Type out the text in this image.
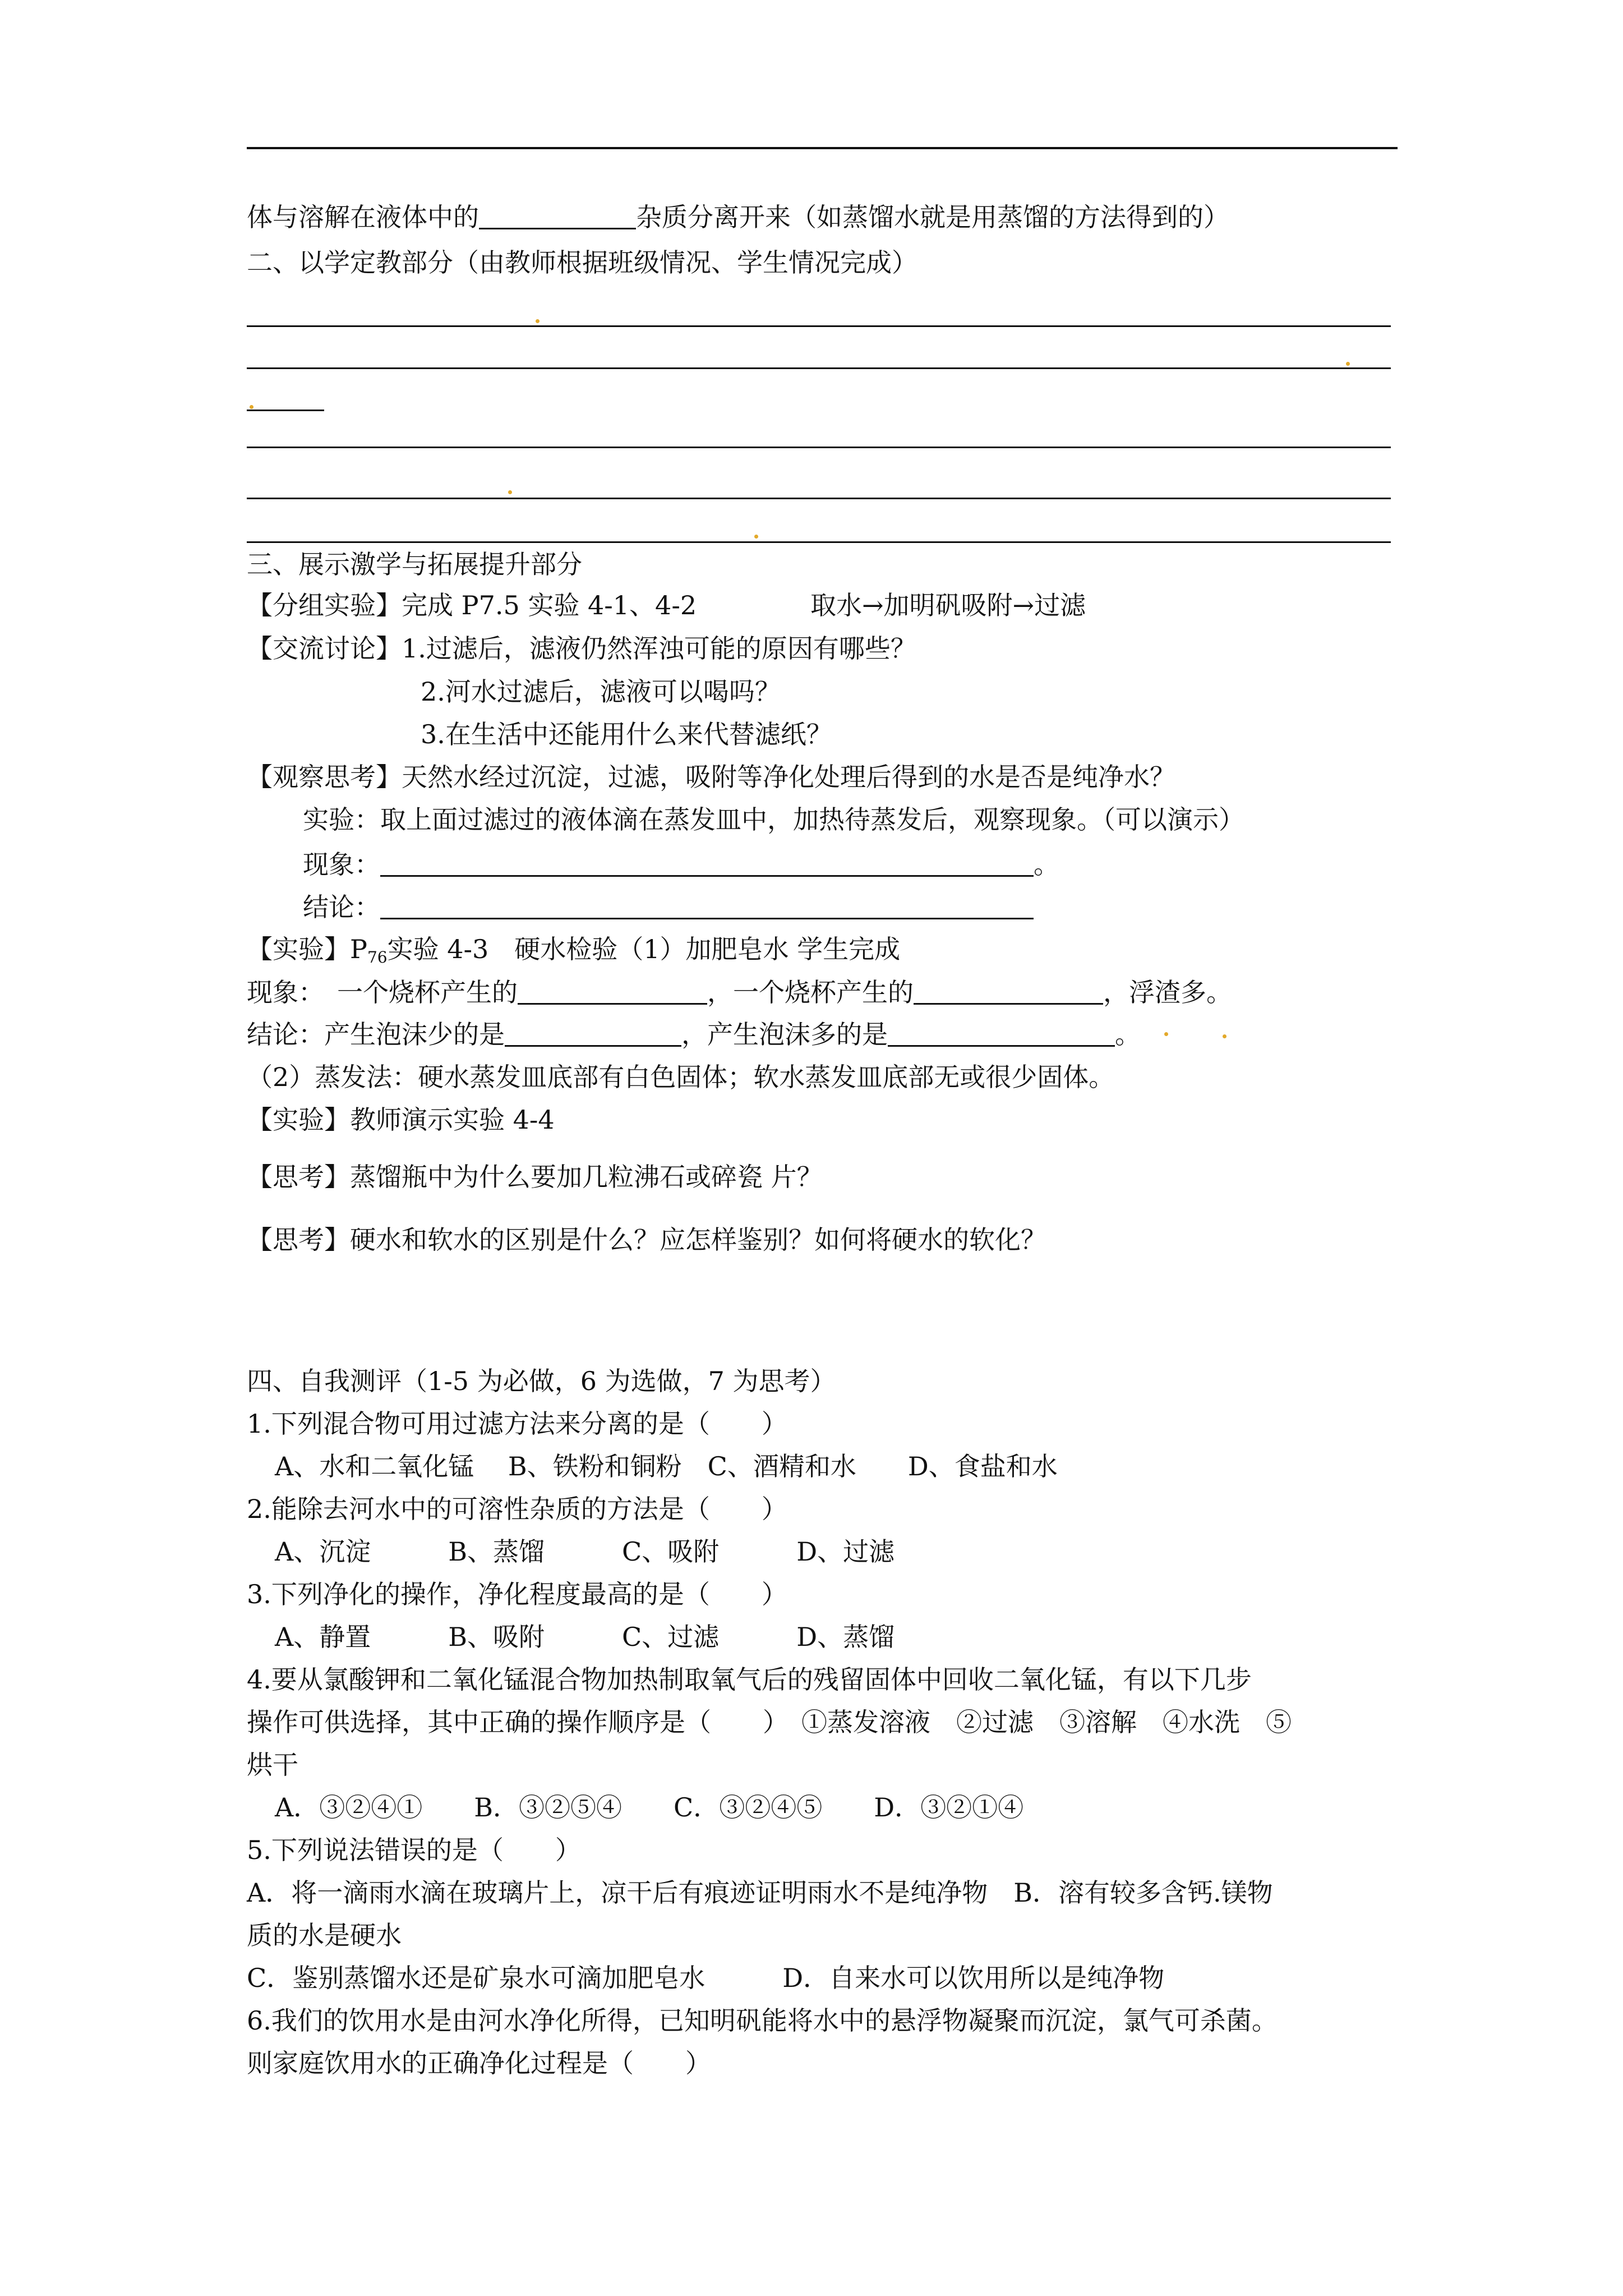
体与溶解在液体中的	杂质分离开来（如蒸馏水就是用蒸馏的方法得到的）
二、以学定教部分（由教师根据班级情况、学生情况完成）
三、展示激学与拓展提升部分
【分组实验】完成 P7.5 实验 4-1、4-2	取水→加明矾吸附→过滤
【交流讨论】1.过滤后，滤液仍然浑浊可能的原因有哪些？
2.河水过滤后，滤液可以喝吗？
3.在生活中还能用什么来代替滤纸？
【观察思考】天然水经过沉淀，过滤，吸附等净化处理后得到的水是否是纯净水？
实验：取上面过滤过的液体滴在蒸发皿中，加热待蒸发后，观察现象。（可以演示）
现象：	。
结论：
【实验】$P_{76}$实验 4-3　硬水检验（1）加肥皂水 学生完成
现象：　一个烧杯产生的	，一个烧杯产生的	，浮渣多。
结论：产生泡沫少的是	，产生泡沫多的是	。
（2）蒸发法：硬水蒸发皿底部有白色固体；软水蒸发皿底部无或很少固体。
【实验】教师演示实验 4-4
【思考】蒸馏瓶中为什么要加几粒沸石或碎瓷 片？
【思考】硬水和软水的区别是什么？应怎样鉴别？如何将硬水的软化？
四、自我测评（1-5 为必做，6 为选做，7 为思考）
1.下列混合物可用过滤方法来分离的是（　　）
A、水和二氧化锰　 B、铁粉和铜粉　C、酒精和水　　D、食盐和水
2.能除去河水中的可溶性杂质的方法是（　　）
A、沉淀　　　B、蒸馏　　　C、吸附　　　D、过滤
3.下列净化的操作，净化程度最高的是（　　）
A、静置　　　B、吸附　　　C、过滤　　　D、蒸馏
4.要从氯酸钾和二氧化锰混合物加热制取氧气后的残留固体中回收二氧化锰，有以下几步
操作可供选择，其中正确的操作顺序是（　　）　①蒸发溶液　②过滤　③溶解　④水洗　⑤
烘干
A．③②④①　　B．③②⑤④　　C．③②④⑤　　D．③②①④
5.下列说法错误的是（　　）
A．将一滴雨水滴在玻璃片上，凉干后有痕迹证明雨水不是纯净物　B．溶有较多含钙.镁物
质的水是硬水
C．鉴别蒸馏水还是矿泉水可滴加肥皂水　　　D．自来水可以饮用所以是纯净物
6.我们的饮用水是由河水净化所得，已知明矾能将水中的悬浮物凝聚而沉淀，氯气可杀菌。
则家庭饮用水的正确净化过程是（　　）
